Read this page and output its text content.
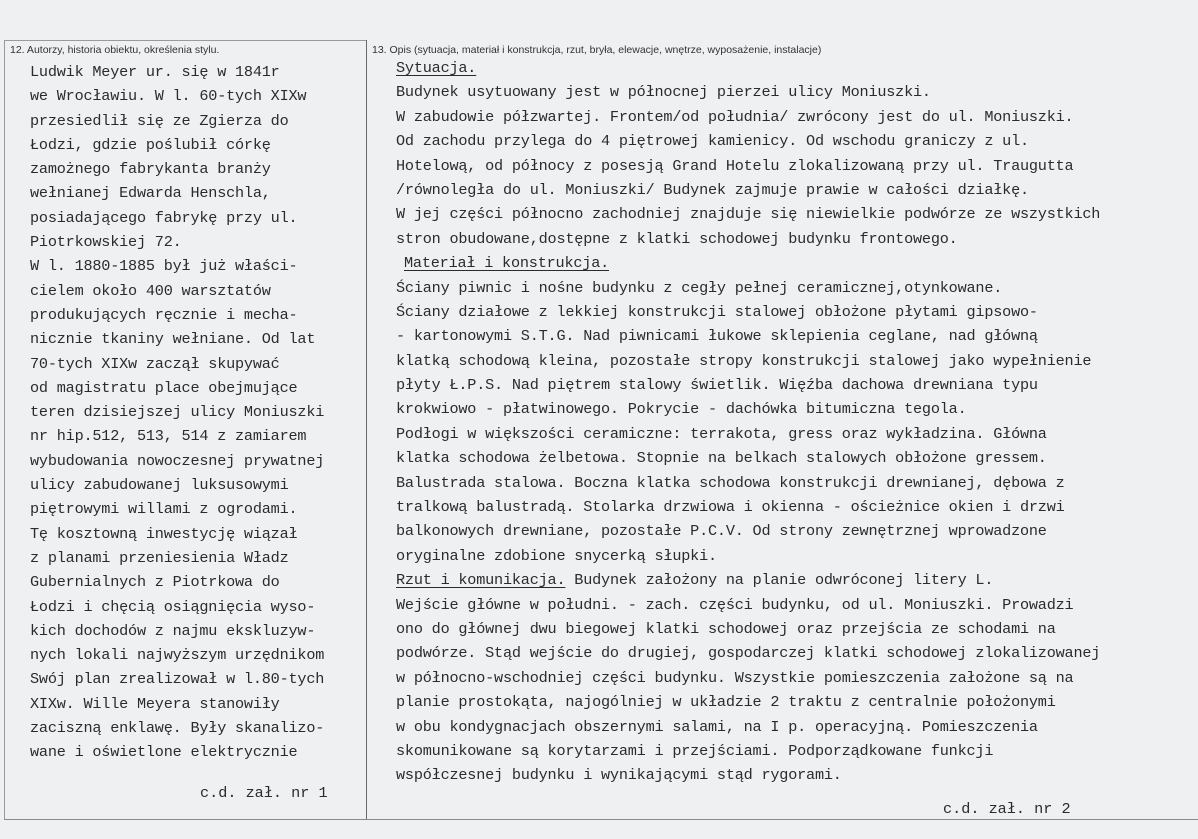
12. Autorzy, historia obiektu, określenia stylu.	13. Opis (sytuacja, materiał i konstrukcja, rzut, bryła, elewacje, wnętrze, wyposażenie, instalacje)
Ludwik Meyer ur. się w 1841r
we Wrocławiu. W l. 60-tych XIXw
przesiedlił się ze Zgierza do
Łodzi, gdzie poślubił córkę
zamożnego fabrykanta branży
wełnianej Edwarda Henschla,
posiadającego fabrykę przy ul.
Piotrkowskiej 72.
W l. 1880-1885 był już właści-
cielem około 400 warsztatów
produkujących ręcznie i mecha-
nicznie tkaniny wełniane. Od lat
70-tych XIXw zaczął skupywać
od magistratu place obejmujące
teren dzisiejszej ulicy Moniuszki
nr hip.512, 513, 514 z zamiarem
wybudowania nowoczesnej prywatnej
ulicy zabudowanej luksusowymi
piętrowymi willami z ogrodami.
Tę kosztowną inwestycję wiązał
z planami przeniesienia Władz
Gubernialnych z Piotrkowa do
Łodzi i chęcią osiągnięcia wyso-
kich dochodów z najmu ekskluzyw-
nych lokali najwyższym urzędnikom
Swój plan zrealizował w l.80-tych
XIXw. Wille Meyera stanowiły
zaciszną enklawę. Były skanalizo-
wane i oświetlone elektrycznie
c.d. zał. nr 1
Sytuacja.
Budynek usytuowany jest w północnej pierzei ulicy Moniuszki.
W zabudowie półzwartej. Frontem/od południa/ zwrócony jest do ul. Moniuszki.
Od zachodu przylega do 4 piętrowej kamienicy. Od wschodu graniczy z ul.
Hotelową, od północy z posesją Grand Hotelu zlokalizowaną przy ul. Traugutta
/równoległa do ul. Moniuszki/ Budynek zajmuje prawie w całości działkę.
W jej części północno zachodniej znajduje się niewielkie podwórze ze wszystkich
stron obudowane,dostępne z klatki schodowej budynku frontowego.
Materiał i konstrukcja.
Ściany piwnic i nośne budynku z cegły pełnej ceramicznej,otynkowane.
Ściany działowe z lekkiej konstrukcji stalowej obłożone płytami gipsowo-
- kartonowymi S.T.G. Nad piwnicami łukowe sklepienia ceglane, nad główną
klatką schodową kleina, pozostałe stropy konstrukcji stalowej jako wypełnienie
płyty Ł.P.S. Nad piętrem stalowy świetlik. Więźba dachowa drewniana typu
krokwiowo - płatwinowego. Pokrycie - dachówka bitumiczna tegola.
Podłogi w większości ceramiczne: terrakota, gress oraz wykładzina. Główna
klatka schodowa żelbetowa. Stopnie na belkach stalowych obłożone gressem.
Balustrada stalowa. Boczna klatka schodowa konstrukcji drewnianej, dębowa z
tralkową balustradą. Stolarka drzwiowa i okienna - ościeżnice okien i drzwi
balkonowych drewniane, pozostałe P.C.V. Od strony zewnętrznej wprowadzone
oryginalne zdobione snycerką słupki.
Rzut i komunikacja. Budynek założony na planie odwróconej litery L.
Wejście główne w południ. - zach. części budynku, od ul. Moniuszki. Prowadzi
ono do głównej dwu biegowej klatki schodowej oraz przejścia ze schodami na
podwórze. Stąd wejście do drugiej, gospodarczej klatki schodowej zlokalizowanej
w północno-wschodniej części budynku. Wszystkie pomieszczenia założone są na
planie prostokąta, najogólniej w układzie 2 traktu z centralnie położonymi
w obu kondygnacjach obszernymi salami, na I p. operacyjną. Pomieszczenia
skomunikowane są korytarzami i przejściami. Podporządkowane funkcji
współczesnej budynku i wynikającymi stąd rygorami.
c.d. zał. nr 2
